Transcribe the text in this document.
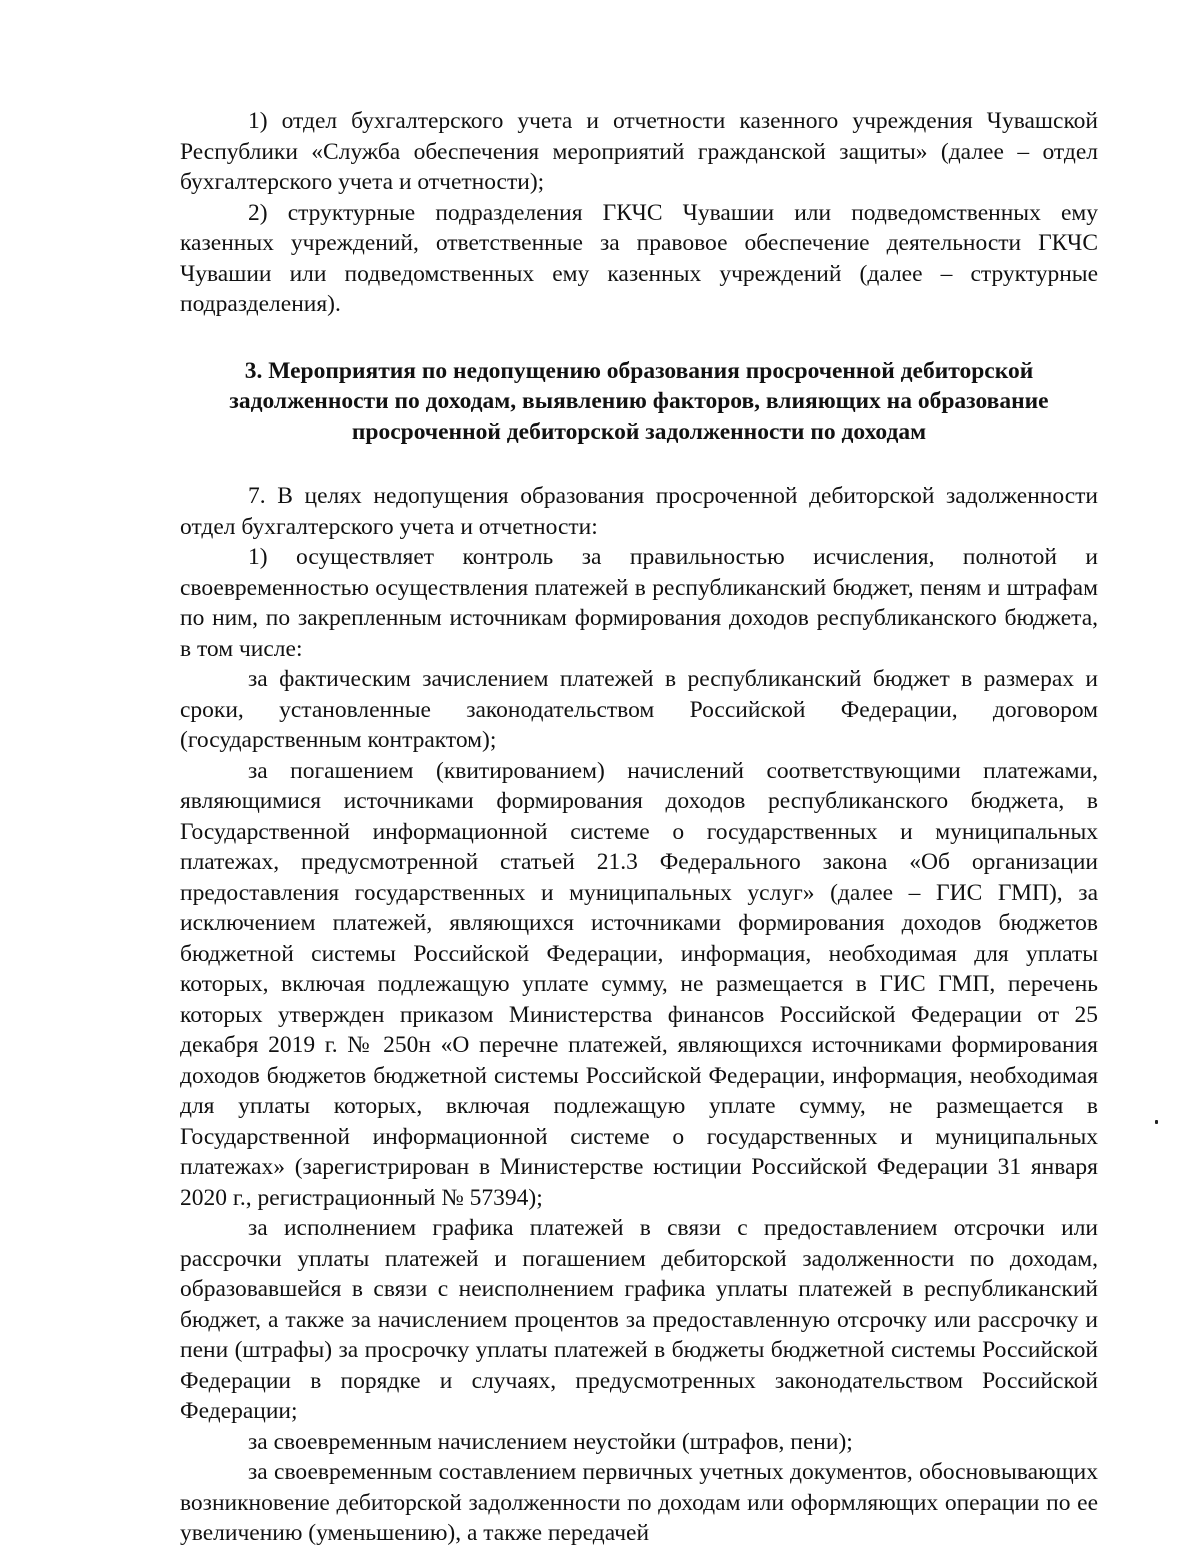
1) отдел бухгалтерского учета и отчетности казенного учреждения Чувашской Республики «Служба обеспечения мероприятий гражданской защиты» (далее – отдел бухгалтерского учета и отчетности);

2) структурные подразделения ГКЧС Чувашии или подведомственных ему казенных учреждений, ответственные за правовое обеспечение деятельности ГКЧС Чувашии или подведомственных ему казенных учреждений (далее – структурные подразделения).

3. Мероприятия по недопущению образования просроченной дебиторской
задолженности по доходам, выявлению факторов, влияющих на образование
просроченной дебиторской задолженности по доходам

7. В целях недопущения образования просроченной дебиторской задолженности отдел бухгалтерского учета и отчетности:

1) осуществляет контроль за правильностью исчисления, полнотой и своевременностью осуществления платежей в республиканский бюджет, пеням и штрафам по ним, по закрепленным источникам формирования доходов республиканского бюджета, в том числе:

за фактическим зачислением платежей в республиканский бюджет в размерах и сроки, установленные законодательством Российской Федерации, договором (государственным контрактом);

за погашением (квитированием) начислений соответствующими платежами, являющимися источниками формирования доходов республиканского бюджета, в Государственной информационной системе о государственных и муниципальных платежах, предусмотренной статьей 21.3 Федерального закона «Об организации предоставления государственных и муниципальных услуг» (далее – ГИС ГМП), за исключением платежей, являющихся источниками формирования доходов бюджетов бюджетной системы Российской Федерации, информация, необходимая для уплаты которых, включая подлежащую уплате сумму, не размещается в ГИС ГМП, перечень которых утвержден приказом Министерства финансов Российской Федерации от 25 декабря 2019 г. № 250н «О перечне платежей, являющихся источниками формирования доходов бюджетов бюджетной системы Российской Федерации, информация, необходимая для уплаты которых, включая подлежащую уплате сумму, не размещается в Государственной информационной системе о государственных и муниципальных платежах» (зарегистрирован в Министерстве юстиции Российской Федерации 31 января 2020 г., регистрационный № 57394);

за исполнением графика платежей в связи с предоставлением отсрочки или рассрочки уплаты платежей и погашением дебиторской задолженности по доходам, образовавшейся в связи с неисполнением графика уплаты платежей в республиканский бюджет, а также за начислением процентов за предоставленную отсрочку или рассрочку и пени (штрафы) за просрочку уплаты платежей в бюджеты бюджетной системы Российской Федерации в порядке и случаях, предусмотренных законодательством Российской Федерации;

за своевременным начислением неустойки (штрафов, пени);

за своевременным составлением первичных учетных документов, обосновывающих возникновение дебиторской задолженности по доходам или оформляющих операции по ее увеличению (уменьшению), а также передачей
